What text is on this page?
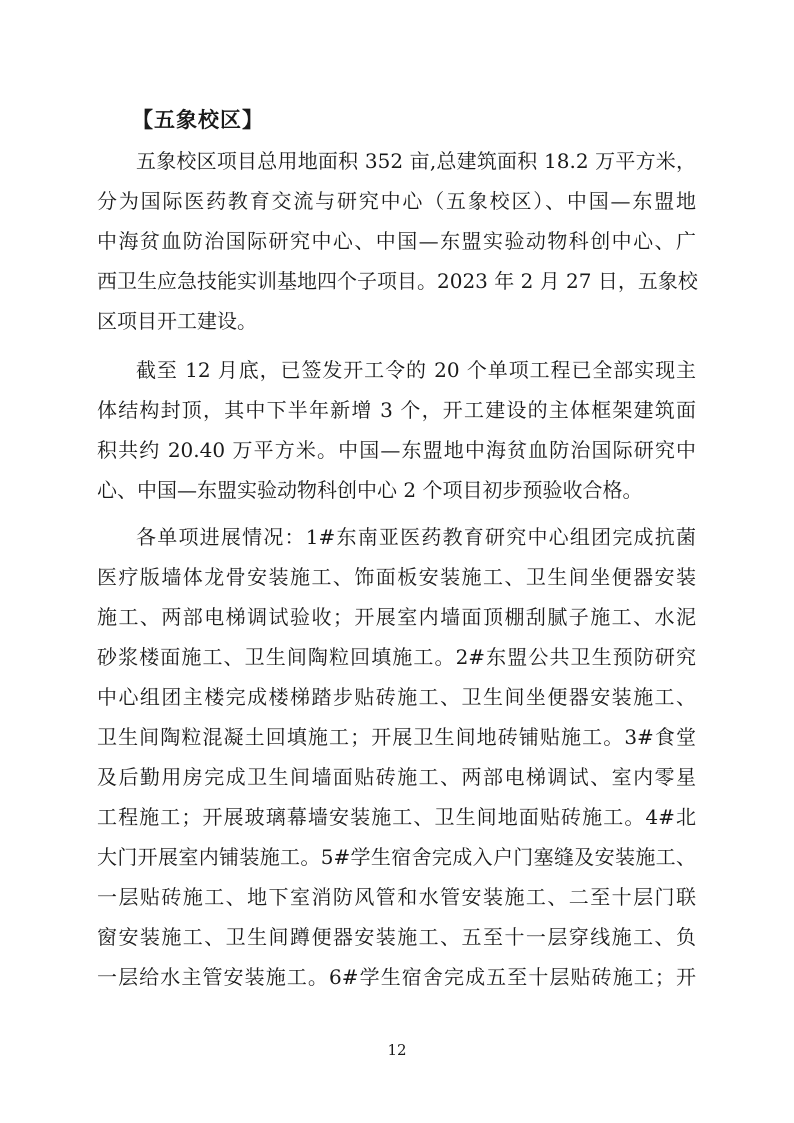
【五象校区】
五象校区项目总用地面积 352 亩,总建筑面积 18.2 万平方米，
分为国际医药教育交流与研究中心（五象校区）、中国—东盟地
中海贫血防治国际研究中心、中国—东盟实验动物科创中心、广
西卫生应急技能实训基地四个子项目。2023 年 2 月 27 日，五象校
区项目开工建设。
截至 12 月底，已签发开工令的 20 个单项工程已全部实现主
体结构封顶，其中下半年新增 3 个，开工建设的主体框架建筑面
积共约 20.40 万平方米。中国—东盟地中海贫血防治国际研究中
心、中国—东盟实验动物科创中心 2 个项目初步预验收合格。
各单项进展情况：1#东南亚医药教育研究中心组团完成抗菌
医疗版墙体龙骨安装施工、饰面板安装施工、卫生间坐便器安装
施工、两部电梯调试验收；开展室内墙面顶棚刮腻子施工、水泥
砂浆楼面施工、卫生间陶粒回填施工。2#东盟公共卫生预防研究
中心组团主楼完成楼梯踏步贴砖施工、卫生间坐便器安装施工、
卫生间陶粒混凝土回填施工；开展卫生间地砖铺贴施工。3#食堂
及后勤用房完成卫生间墙面贴砖施工、两部电梯调试、室内零星
工程施工；开展玻璃幕墙安装施工、卫生间地面贴砖施工。4#北
大门开展室内铺装施工。5#学生宿舍完成入户门塞缝及安装施工、
一层贴砖施工、地下室消防风管和水管安装施工、二至十层门联
窗安装施工、卫生间蹲便器安装施工、五至十一层穿线施工、负
一层给水主管安装施工。6#学生宿舍完成五至十层贴砖施工；开
12
